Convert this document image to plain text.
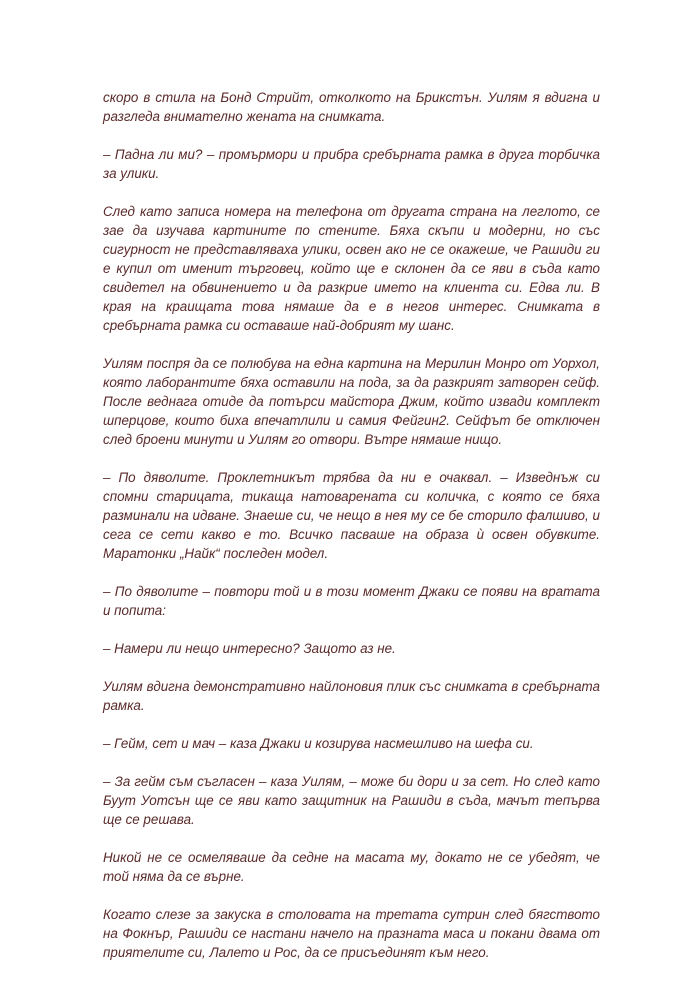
скоро в стила на Бонд Стрийт, отколкото на Брикстън. Уилям я вдигна и разгледа внимателно жената на снимката.

– Падна ли ми? – промърмори и прибра сребърната рамка в друга торбичка за улики.

След като записа номера на телефона от другата страна на леглото, се зае да изучава картините по стените. Бяха скъпи и модерни, но със сигурност не представляваха улики, освен ако не се окажеше, че Рашиди ги е купил от именит търговец, който ще е склонен да се яви в съда като свидетел на обвинението и да разкрие името на клиента си. Едва ли. В края на краищата това нямаше да е в негов интерес. Снимката в сребърната рамка си оставаше най-добрият му шанс.

Уилям поспря да се полюбува на една картина на Мерилин Монро от Уорхол, която лаборантите бяха оставили на пода, за да разкрият затворен сейф. После веднага отиде да потърси майстора Джим, който извади комплект шперцове, които биха впечатлили и самия Фейгин2. Сейфът бе отключен след броени минути и Уилям го отвори. Вътре нямаше нищо.

– По дяволите. Проклетникът трябва да ни е очаквал. – Изведнъж си спомни старицата, тикаща натоварената си количка, с която се бяха разминали на идване. Знаеше си, че нещо в нея му се бе сторило фалшиво, и сега се сети какво е то. Всичко пасваше на образа ѝ освен обувките. Маратонки „Найк“ последен модел.

– По дяволите – повтори той и в този момент Джаки се появи на вратата и попита:

– Намери ли нещо интересно? Защото аз не.

Уилям вдигна демонстративно найлоновия плик със снимката в сребърната рамка.

– Гейм, сет и мач – каза Джаки и козирува насмешливо на шефа си.

– За гейм съм съгласен – каза Уилям, – може би дори и за сет. Но след като Буут Уотсън ще се яви като защитник на Рашиди в съда, мачът тепърва ще се решава.

Никой не се осмеляваше да седне на масата му, докато не се убедят, че той няма да се върне.

Когато слезе за закуска в столовата на третата сутрин след бягството на Фокнър, Рашиди се настани начело на празната маса и покани двама от приятелите си, Лалето и Рос, да се присъединят към него.
